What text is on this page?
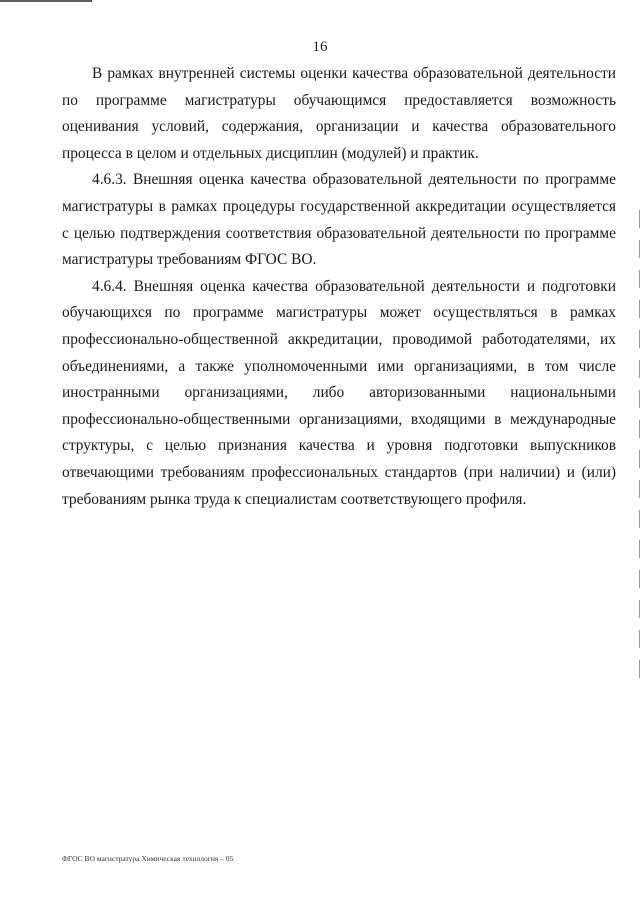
16

В рамках внутренней системы оценки качества образовательной деятельности по программе магистратуры обучающимся предоставляется возможность оценивания условий, содержания, организации и качества образовательного процесса в целом и отдельных дисциплин (модулей) и практик.

4.6.3. Внешняя оценка качества образовательной деятельности по программе магистратуры в рамках процедуры государственной аккредитации осуществляется с целью подтверждения соответствия образовательной деятельности по программе магистратуры требованиям ФГОС ВО.

4.6.4. Внешняя оценка качества образовательной деятельности и подготовки обучающихся по программе магистратуры может осуществляться в рамках профессионально-общественной аккредитации, проводимой работодателями, их объединениями, а также уполномоченными ими организациями, в том числе иностранными организациями, либо авторизованными национальными профессионально-общественными организациями, входящими в международные структуры, с целью признания качества и уровня подготовки выпускников отвечающими требованиям профессиональных стандартов (при наличии) и (или) требованиям рынка труда к специалистам соответствующего профиля.

ФГОС ВО магистратура Химическая технология – 05
